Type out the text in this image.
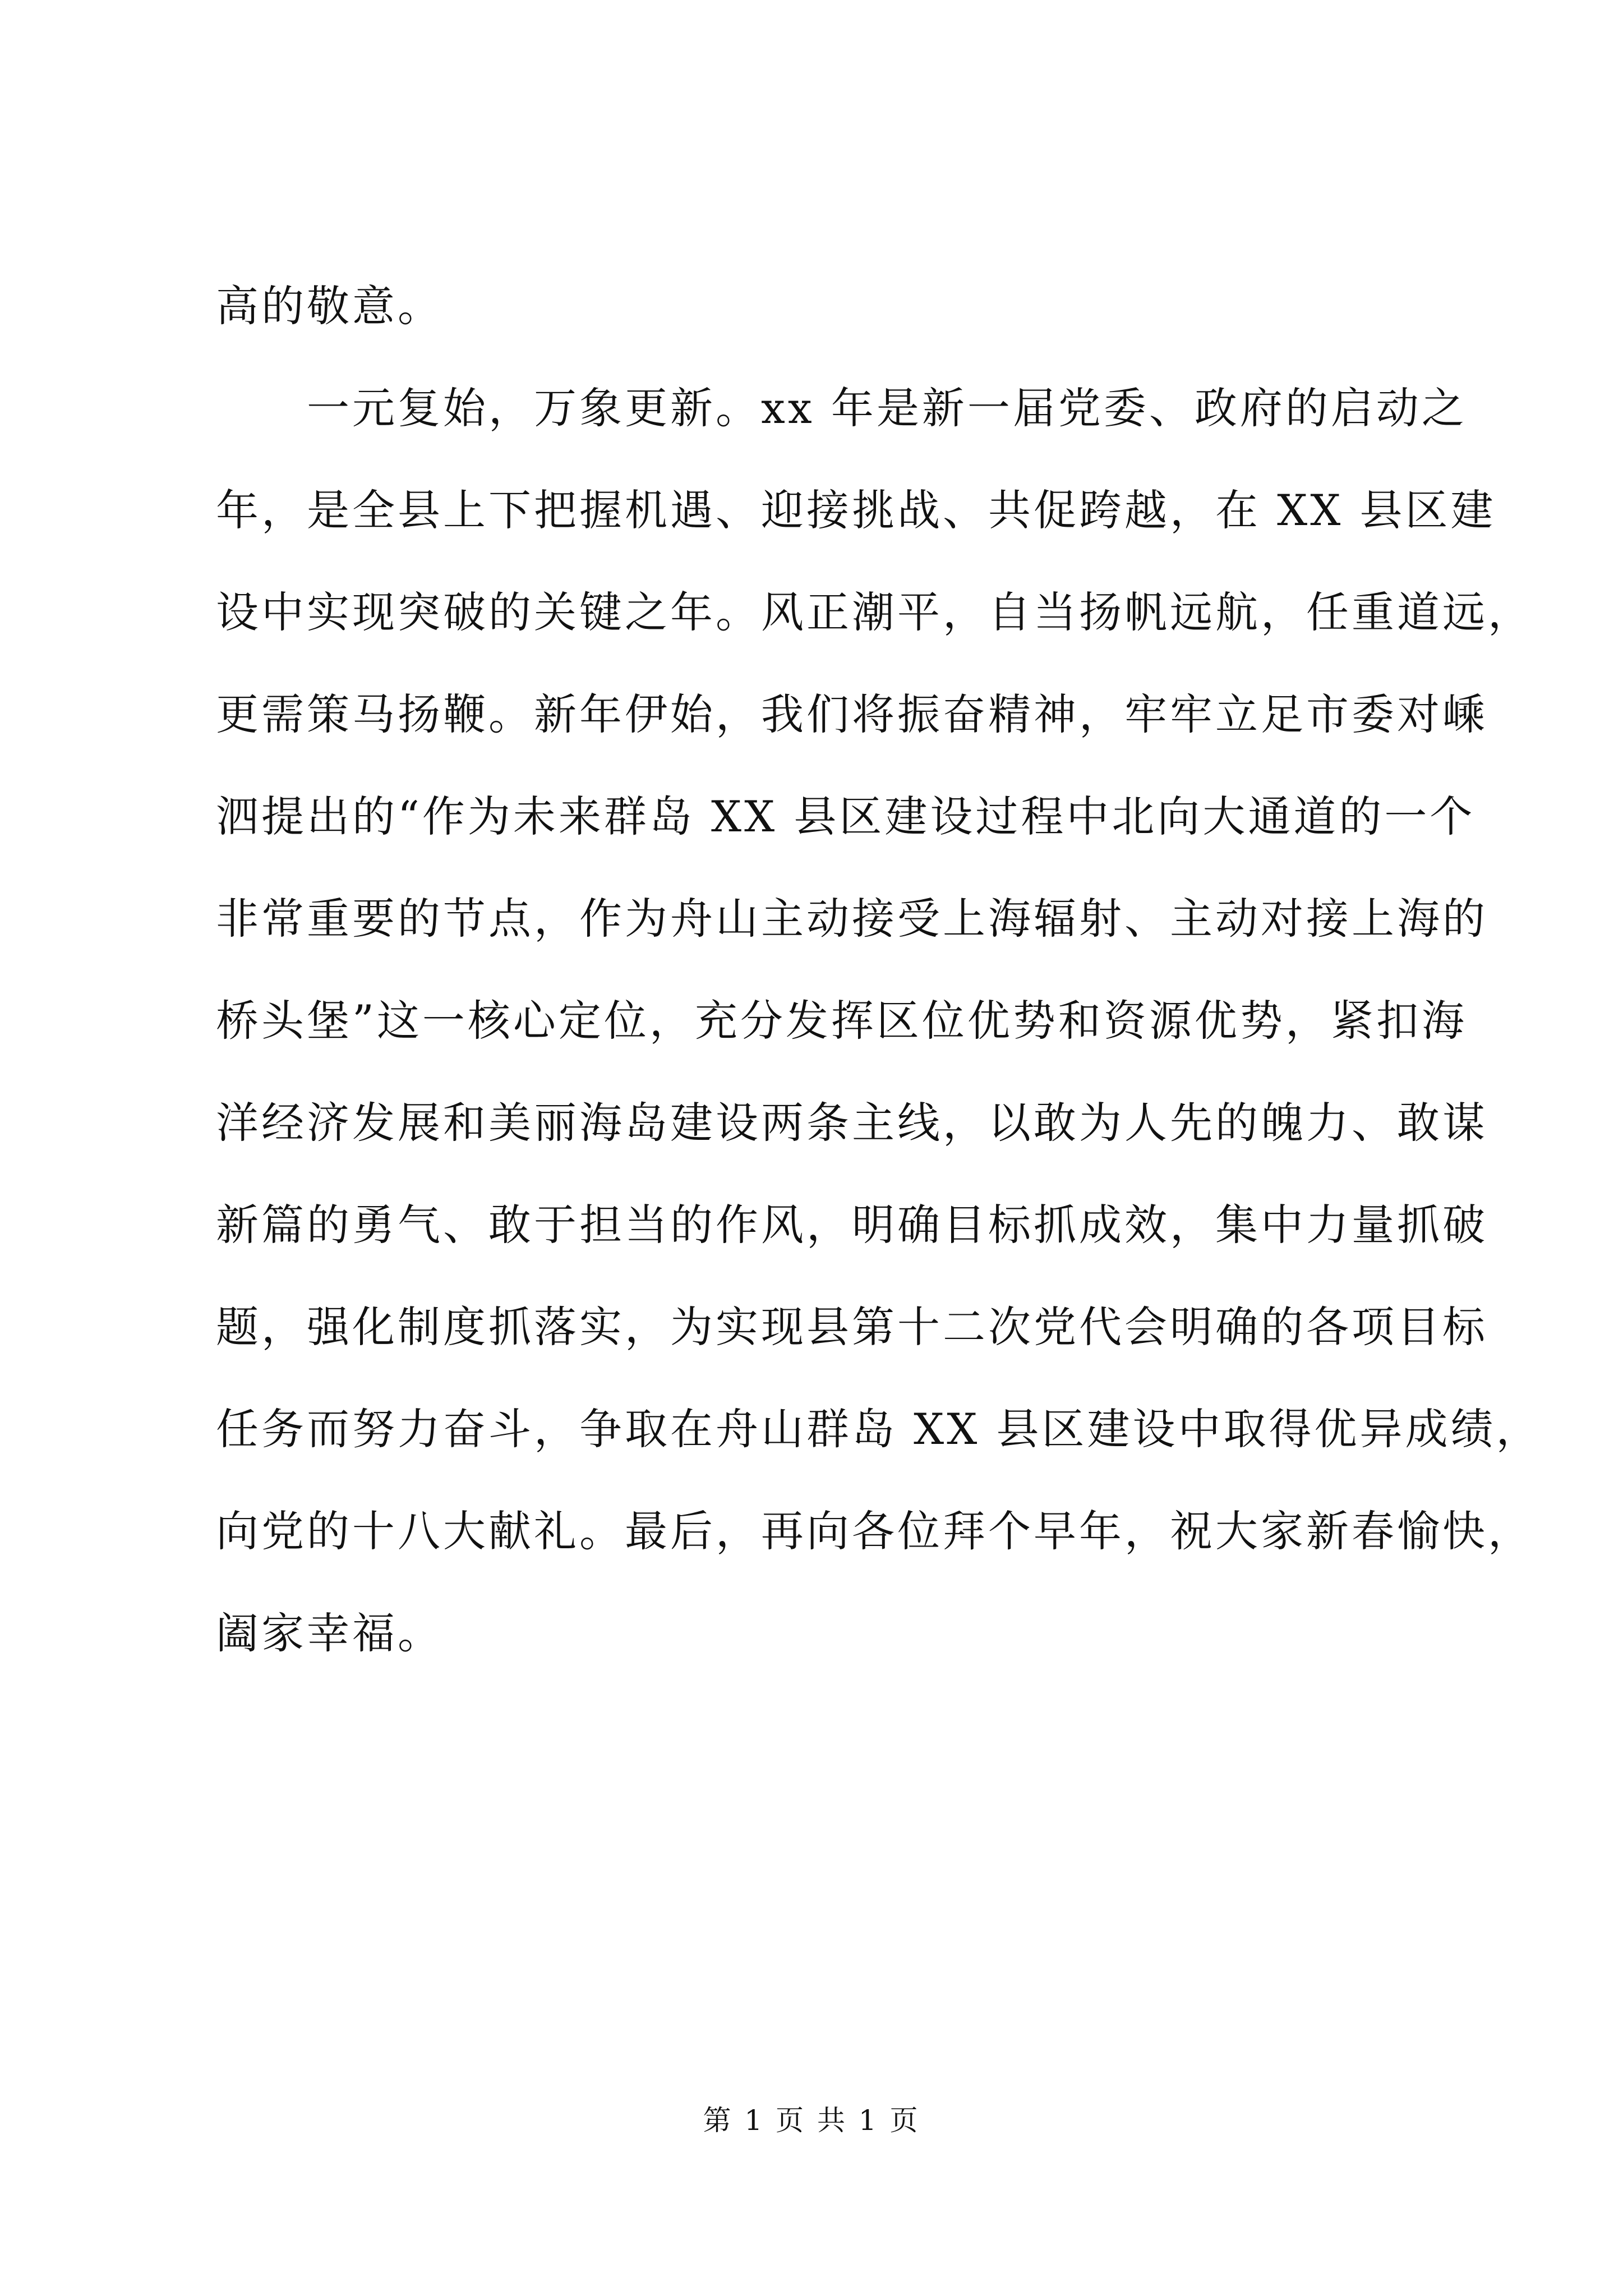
高的敬意。
　　一元复始，万象更新。xx 年是新一届党委、政府的启动之
年，是全县上下把握机遇、迎接挑战、共促跨越，在 XX 县区建
设中实现突破的关键之年。风正潮平，自当扬帆远航，任重道远，
更需策马扬鞭。新年伊始，我们将振奋精神，牢牢立足市委对嵊
泗提出的“作为未来群岛 XX 县区建设过程中北向大通道的一个
非常重要的节点，作为舟山主动接受上海辐射、主动对接上海的
桥头堡”这一核心定位，充分发挥区位优势和资源优势，紧扣海
洋经济发展和美丽海岛建设两条主线，以敢为人先的魄力、敢谋
新篇的勇气、敢于担当的作风，明确目标抓成效，集中力量抓破
题，强化制度抓落实，为实现县第十二次党代会明确的各项目标
任务而努力奋斗，争取在舟山群岛 XX 县区建设中取得优异成绩，
向党的十八大献礼。最后，再向各位拜个早年，祝大家新春愉快，
阖家幸福。
第 1 页 共 1 页
